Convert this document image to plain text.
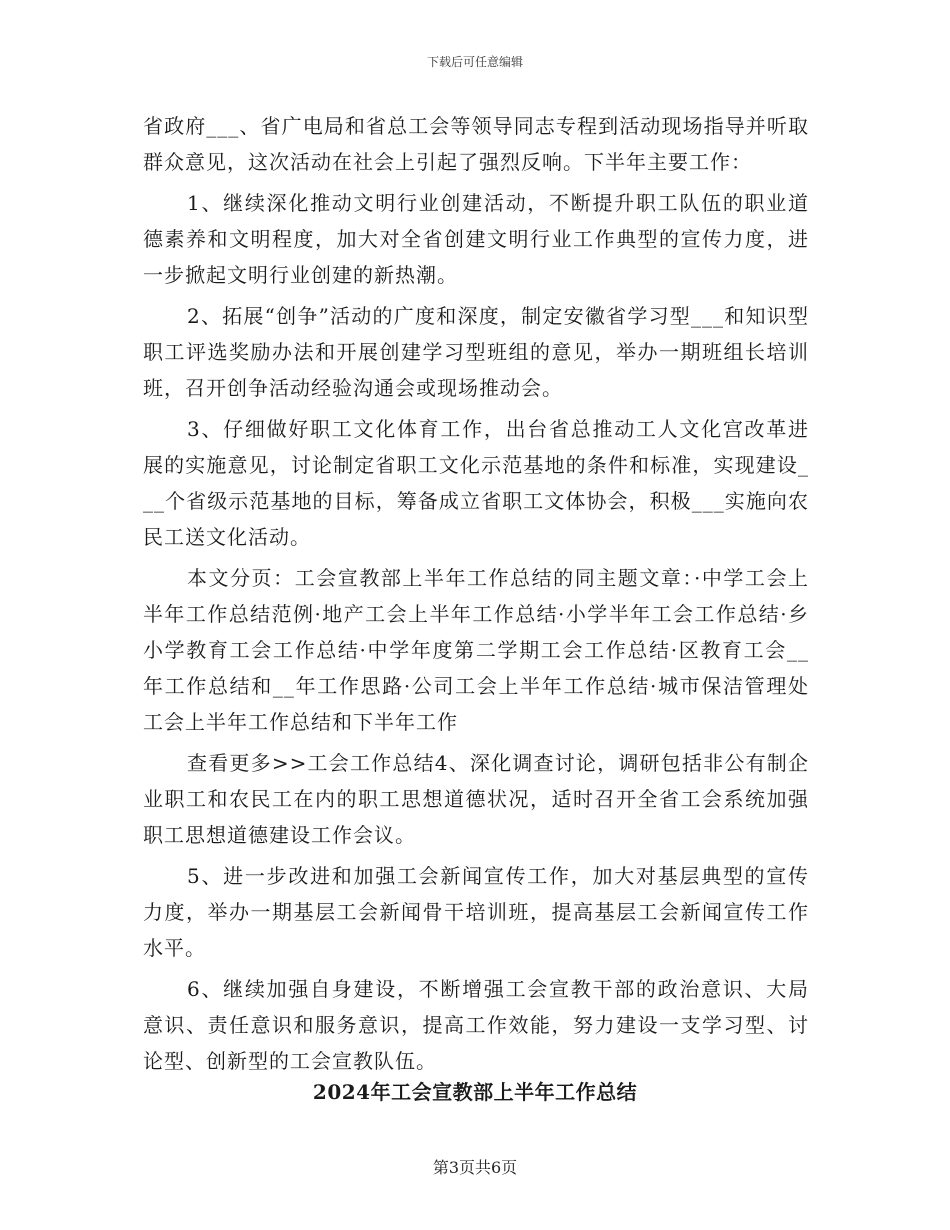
下载后可任意编辑

省政府___、省广电局和省总工会等领导同志专程到活动现场指导并听取群众意见，这次活动在社会上引起了强烈反响。下半年主要工作：

1、继续深化推动文明行业创建活动，不断提升职工队伍的职业道德素养和文明程度，加大对全省创建文明行业工作典型的宣传力度，进一步掀起文明行业创建的新热潮。

2、拓展“创争”活动的广度和深度，制定安徽省学习型___和知识型职工评选奖励办法和开展创建学习型班组的意见，举办一期班组长培训班，召开创争活动经验沟通会或现场推动会。

3、仔细做好职工文化体育工作，出台省总推动工人文化宫改革进展的实施意见，讨论制定省职工文化示范基地的条件和标准，实现建设___个省级示范基地的目标，筹备成立省职工文体协会，积极___实施向农民工送文化活动。

本文分页：工会宣教部上半年工作总结的同主题文章：·中学工会上半年工作总结范例·地产工会上半年工作总结·小学半年工会工作总结·乡小学教育工会工作总结·中学年度第二学期工会工作总结·区教育工会__年工作总结和__年工作思路·公司工会上半年工作总结·城市保洁管理处工会上半年工作总结和下半年工作

查看更多>>工会工作总结4、深化调查讨论，调研包括非公有制企业职工和农民工在内的职工思想道德状况，适时召开全省工会系统加强职工思想道德建设工作会议。

5、进一步改进和加强工会新闻宣传工作，加大对基层典型的宣传力度，举办一期基层工会新闻骨干培训班，提高基层工会新闻宣传工作水平。

6、继续加强自身建设，不断增强工会宣教干部的政治意识、大局意识、责任意识和服务意识，提高工作效能，努力建设一支学习型、讨论型、创新型的工会宣教队伍。

2024年工会宣教部上半年工作总结
第3页共6页
